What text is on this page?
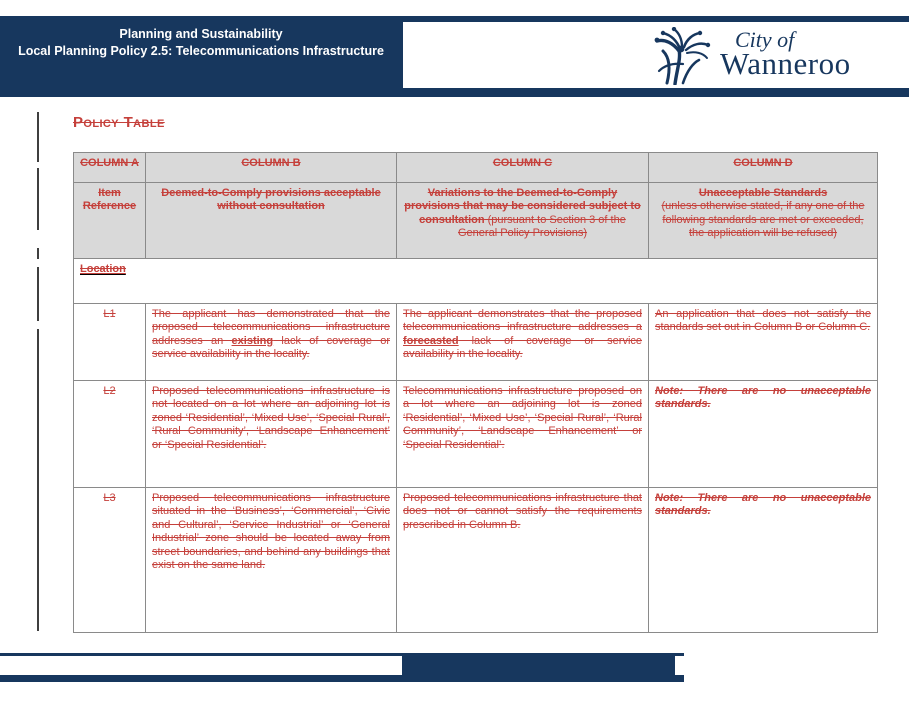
Planning and Sustainability
Local Planning Policy 2.5: Telecommunications Infrastructure	City of
Wanneroo
Policy Table
COLUMN A	COLUMN B	COLUMN C	COLUMN D
Item Reference	Deemed-to-Comply provisions acceptable without consultation	Variations to the Deemed-to-Comply provisions that may be considered subject to consultation (pursuant to Section 3 of the General Policy Provisions)	Unacceptable Standards
(unless otherwise stated, if any one of the following standards are met or exceeded, the application will be refused)
Location			
L1	The applicant has demonstrated that the proposed telecommunications infrastructure addresses an existing lack of coverage or service availability in the locality.	The applicant demonstrates that the proposed telecommunications infrastructure addresses a forecasted lack of coverage or service availability in the locality.	An application that does not satisfy the standards set out in Column B or Column C.
L2	Proposed telecommunications infrastructure is not located on a lot where an adjoining lot is zoned ‘Residential’, ‘Mixed Use’, ‘Special Rural’, ‘Rural Community’, ‘Landscape Enhancement’ or ‘Special Residential’.	Telecommunications infrastructure proposed on a lot where an adjoining lot is zoned ‘Residential’, ‘Mixed Use’, ‘Special Rural’, ‘Rural Community’, ‘Landscape Enhancement’ or ‘Special Residential’.	Note: There are no unacceptable standards.
L3	Proposed telecommunications infrastructure situated in the ‘Business’, ‘Commercial’, ‘Civic and Cultural’, ‘Service Industrial’ or ‘General Industrial’ zone should be located away from street boundaries, and behind any buildings that exist on the same land.	Proposed telecommunications infrastructure that does not or cannot satisfy the requirements prescribed in Column B.	Note: There are no unacceptable standards.
